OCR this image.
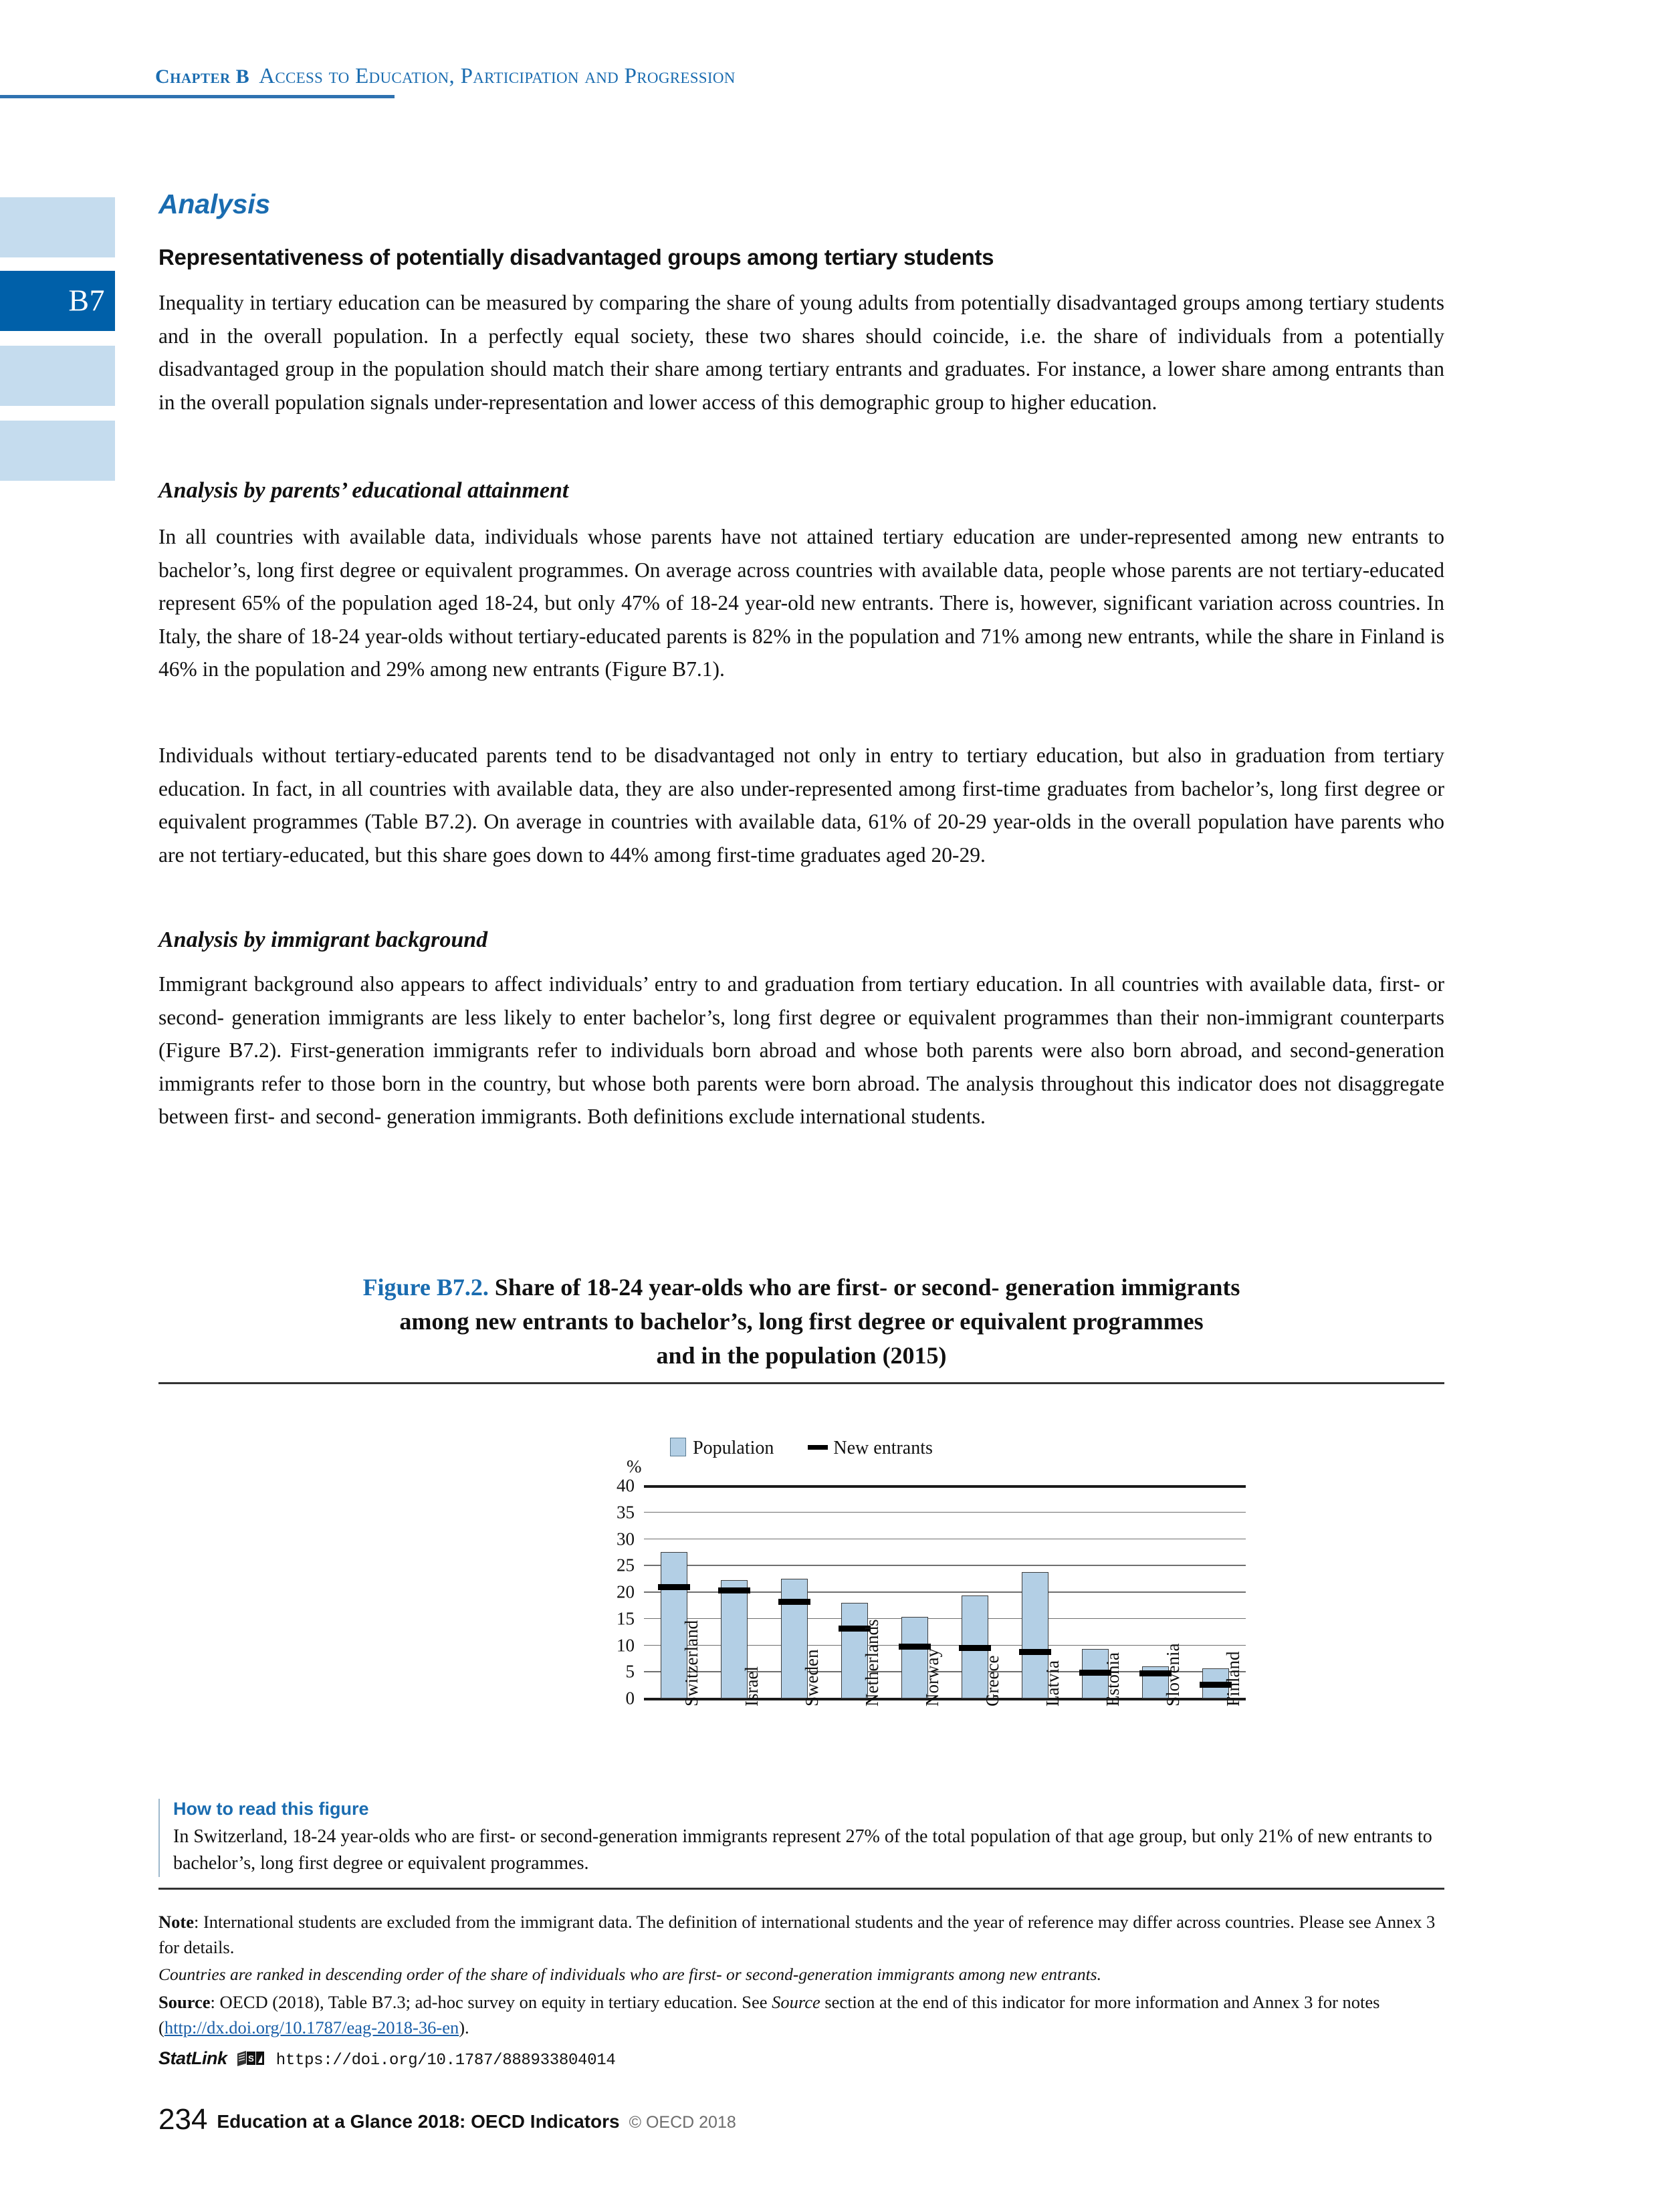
Chapter B Access to Education, Participation and Progression
B7
Analysis
Representativeness of potentially disadvantaged groups among tertiary students

Inequality in tertiary education can be measured by comparing the share of young adults from potentially disadvantaged groups among tertiary students and in the overall population. In a perfectly equal society, these two shares should coincide, i.e. the share of individuals from a potentially disadvantaged group in the population should match their share among tertiary entrants and graduates. For instance, a lower share among entrants than in the overall population signals under-representation and lower access of this demographic group to higher education.

Analysis by parents’ educational attainment

In all countries with available data, individuals whose parents have not attained tertiary education are under-represented among new entrants to bachelor’s, long first degree or equivalent programmes. On average across countries with available data, people whose parents are not tertiary-educated represent 65% of the population aged 18-24, but only 47% of 18-24 year-old new entrants. There is, however, significant variation across countries. In Italy, the share of 18-24 year-olds without tertiary-educated parents is 82% in the population and 71% among new entrants, while the share in Finland is 46% in the population and 29% among new entrants (Figure B7.1).

Individuals without tertiary-educated parents tend to be disadvantaged not only in entry to tertiary education, but also in graduation from tertiary education. In fact, in all countries with available data, they are also under-represented among first-time graduates from bachelor’s, long first degree or equivalent programmes (Table B7.2). On average in countries with available data, 61% of 20-29 year-olds in the overall population have parents who are not tertiary-educated, but this share goes down to 44% among first-time graduates aged 20-29.

Analysis by immigrant background

Immigrant background also appears to affect individuals’ entry to and graduation from tertiary education. In all countries with available data, first- or second- generation immigrants are less likely to enter bachelor’s, long first degree or equivalent programmes than their non-immigrant counterparts (Figure B7.2). First-generation immigrants refer to individuals born abroad and whose both parents were also born abroad, and second-generation immigrants refer to those born in the country, but whose both parents were born abroad. The analysis throughout this indicator does not disaggregate between first- and second- generation immigrants. Both definitions exclude international students.

Figure B7.2. Share of 18-24 year-olds who are first- or second- generation immigrants
among new entrants to bachelor’s, long first degree or equivalent programmes
and in the population (2015)
Population	New entrants
%
0
5
10
15
20
25
30
35
40
Switzerland Israel Sweden Netherlands Norway Greece Latvia Estonia Slovenia Finland
How to read this figure
In Switzerland, 18-24 year-olds who are first- or second-generation immigrants represent 27% of the total population of that age group, but only 21% of new entrants to bachelor’s, long first degree or equivalent programmes.
Note: International students are excluded from the immigrant data. The definition of international students and the year of reference may differ across countries. Please see Annex 3 for details.
Countries are ranked in descending order of the share of individuals who are first- or second-generation immigrants among new entrants.
Source: OECD (2018), Table B7.3; ad-hoc survey on equity in tertiary education. See Source section at the end of this indicator for more information and Annex 3 for notes (http://dx.doi.org/10.1787/eag-2018-36-en).
StatLink S https://doi.org/10.1787/888933804014
234 Education at a Glance 2018: OECD Indicators © OECD 2018
